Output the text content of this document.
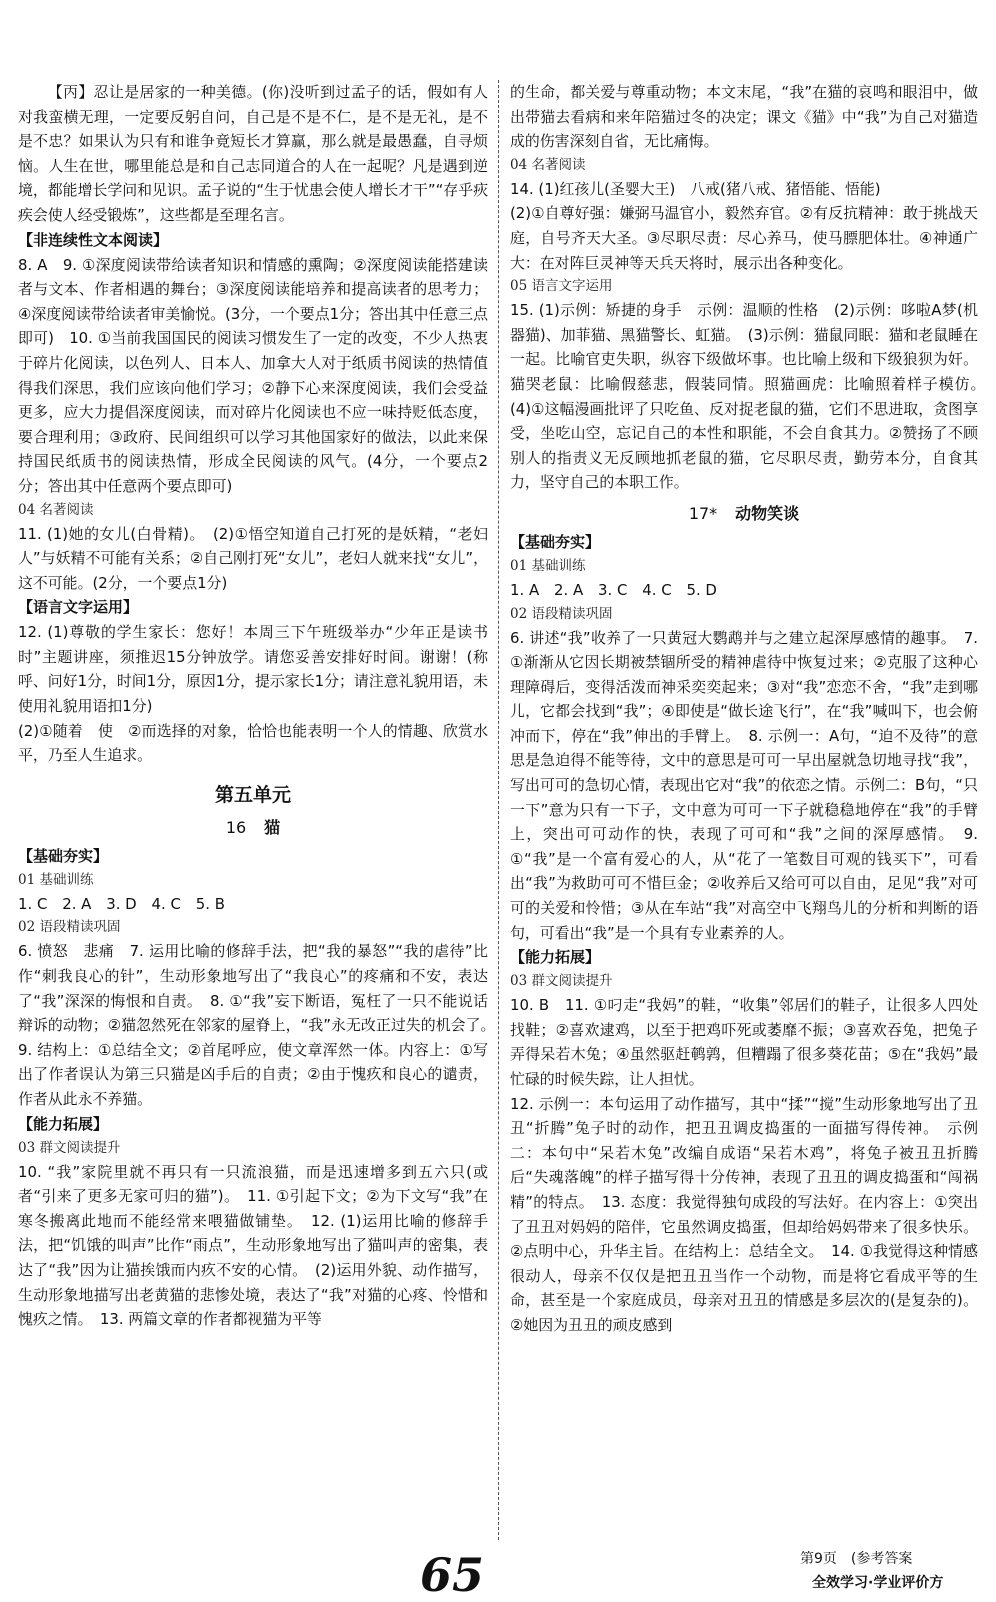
【丙】忍让是居家的一种美德。(你)没听到过孟子的话，假如有人对我蛮横无理，一定要反躬自问，自己是不是不仁，是不是无礼，是不是不忠？如果认为只有和谁争竟短长才算赢，那么就是最愚蠢，自寻烦恼。人生在世，哪里能总是和自己志同道合的人在一起呢？凡是遇到逆境，都能增长学问和见识。孟子说的“生于忧患会使人增长才干”“存乎疢疾会使人经受锻炼”，这些都是至理名言。

【非连续性文本阅读】

8. A　9. ①深度阅读带给读者知识和情感的熏陶；②深度阅读能搭建读者与文本、作者相遇的舞台；③深度阅读能培养和提高读者的思考力；④深度阅读带给读者审美愉悦。(3分，一个要点1分；答出其中任意三点即可)　10. ①当前我国国民的阅读习惯发生了一定的改变，不少人热衷于碎片化阅读，以色列人、日本人、加拿大人对于纸质书阅读的热情值得我们深思，我们应该向他们学习；②静下心来深度阅读，我们会受益更多，应大力提倡深度阅读，而对碎片化阅读也不应一味持贬低态度，要合理利用；③政府、民间组织可以学习其他国家好的做法，以此来保持国民纸质书的阅读热情，形成全民阅读的风气。(4分，一个要点2分；答出其中任意两个要点即可)

04 名著阅读

11. (1)她的女儿(白骨精)。　(2)①悟空知道自己打死的是妖精，“老妇人”与妖精不可能有关系；②自己刚打死“女儿”，老妇人就来找“女儿”，这不可能。(2分，一个要点1分)

【语言文字运用】

12. (1)尊敬的学生家长：您好！本周三下午班级举办“少年正是读书时”主题讲座，须推迟15分钟放学。请您妥善安排好时间。谢谢！(称呼、问好1分，时间1分，原因1分，提示家长1分；请注意礼貌用语，未使用礼貌用语扣1分)

(2)①随着　使　②而选择的对象，恰恰也能表明一个人的情趣、欣赏水平，乃至人生追求。

第五单元
16 猫

【基础夯实】

01 基础训练

1. C　2. A　3. D　4. C　5. B

02 语段精读巩固

6. 愤怒　悲痛　7. 运用比喻的修辞手法，把“我的暴怒”“我的虐待”比作“刺我良心的针”，生动形象地写出了“我良心”的疼痛和不安，表达了“我”深深的悔恨和自责。　8. ①“我”妄下断语，冤枉了一只不能说话辩诉的动物；②猫忽然死在邻家的屋脊上，“我”永无改正过失的机会了。　9. 结构上：①总结全文；②首尾呼应，使文章浑然一体。内容上：①写出了作者误认为第三只猫是凶手后的自责；②由于愧疚和良心的谴责，作者从此永不养猫。

【能力拓展】

03 群文阅读提升

10. “我”家院里就不再只有一只流浪猫，而是迅速增多到五六只(或者“引来了更多无家可归的猫”)。　11. ①引起下文；②为下文写“我”在寒冬搬离此地而不能经常来喂猫做铺垫。　12. (1)运用比喻的修辞手法，把“饥饿的叫声”比作“雨点”，生动形象地写出了猫叫声的密集，表达了“我”因为让猫挨饿而内疚不安的心情。　(2)运用外貌、动作描写，生动形象地描写出老黄猫的悲惨处境，表达了“我”对猫的心疼、怜惜和愧疚之情。　13. 两篇文章的作者都视猫为平等

的生命，都关爱与尊重动物；本文末尾，“我”在猫的哀鸣和眼泪中，做出带猫去看病和来年陪猫过冬的决定；课文《猫》中“我”为自己对猫造成的伤害深刻自省，无比痛悔。

04 名著阅读

14. (1)红孩儿(圣婴大王)　八戒(猪八戒、猪悟能、悟能)

(2)①自尊好强：嫌弼马温官小，毅然弃官。②有反抗精神：敢于挑战天庭，自号齐天大圣。③尽职尽责：尽心养马，使马膘肥体壮。④神通广大：在对阵巨灵神等天兵天将时，展示出各种变化。

05 语言文字运用

15. (1)示例：矫捷的身手　示例：温顺的性格　(2)示例：哆啦A梦(机器猫)、加菲猫、黑猫警长、虹猫。　(3)示例：猫鼠同眠：猫和老鼠睡在一起。比喻官吏失职，纵容下级做坏事。也比喻上级和下级狼狈为奸。猫哭老鼠：比喻假慈悲，假装同情。照猫画虎：比喻照着样子模仿。　(4)①这幅漫画批评了只吃鱼、反对捉老鼠的猫，它们不思进取，贪图享受，坐吃山空，忘记自己的本性和职能，不会自食其力。②赞扬了不顾别人的指责义无反顾地抓老鼠的猫，它尽职尽责，勤劳本分，自食其力，坚守自己的本职工作。

17* 动物笑谈

【基础夯实】

01 基础训练

1. A　2. A　3. C　4. C　5. D

02 语段精读巩固

6. 讲述“我”收养了一只黄冠大鹦鹉并与之建立起深厚感情的趣事。　7. ①渐渐从它因长期被禁锢所受的精神虐待中恢复过来；②克服了这种心理障碍后，变得活泼而神采奕奕起来；③对“我”恋恋不舍，“我”走到哪儿，它都会找到“我”；④即使是“做长途飞行”，在“我”喊叫下，也会俯冲而下，停在“我”伸出的手臂上。　8. 示例一：A句，“迫不及待”的意思是急迫得不能等待，文中的意思是可可一早出屋就急切地寻找“我”，写出可可的急切心情，表现出它对“我”的依恋之情。示例二：B句，“只一下”意为只有一下子，文中意为可可一下子就稳稳地停在“我”的手臂上，突出可可动作的快，表现了可可和“我”之间的深厚感情。　9. ①“我”是一个富有爱心的人，从“花了一笔数目可观的钱买下”，可看出“我”为救助可可不惜巨金；②收养后又给可可以自由，足见“我”对可可的关爱和怜惜；③从在车站“我”对高空中飞翔鸟儿的分析和判断的语句，可看出“我”是一个具有专业素养的人。

【能力拓展】

03 群文阅读提升

10. B　11. ①叼走“我妈”的鞋，“收集”邻居们的鞋子，让很多人四处找鞋；②喜欢逮鸡，以至于把鸡吓死或萎靡不振；③喜欢吞兔，把兔子弄得呆若木兔；④虽然驱赶鹌鹑，但糟蹋了很多葵花苗；⑤在“我妈”最忙碌的时候失踪，让人担忧。

12. 示例一：本句运用了动作描写，其中“揉”“搅”生动形象地写出了丑丑“折腾”兔子时的动作，把丑丑调皮捣蛋的一面描写得传神。　示例二：本句中“呆若木兔”改编自成语“呆若木鸡”，将兔子被丑丑折腾后“失魂落魄”的样子描写得十分传神，表现了丑丑的调皮捣蛋和“闯祸精”的特点。　13. 态度：我觉得独句成段的写法好。在内容上：①突出了丑丑对妈妈的陪伴，它虽然调皮捣蛋，但却给妈妈带来了很多快乐。②点明中心，升华主旨。在结构上：总结全文。　14. ①我觉得这种情感很动人，母亲不仅仅是把丑丑当作一个动物，而是将它看成平等的生命，甚至是一个家庭成员，母亲对丑丑的情感是多层次的(是复杂的)。②她因为丑丑的顽皮感到

65	第9页　(参考答案
全效学习·学业评价方
